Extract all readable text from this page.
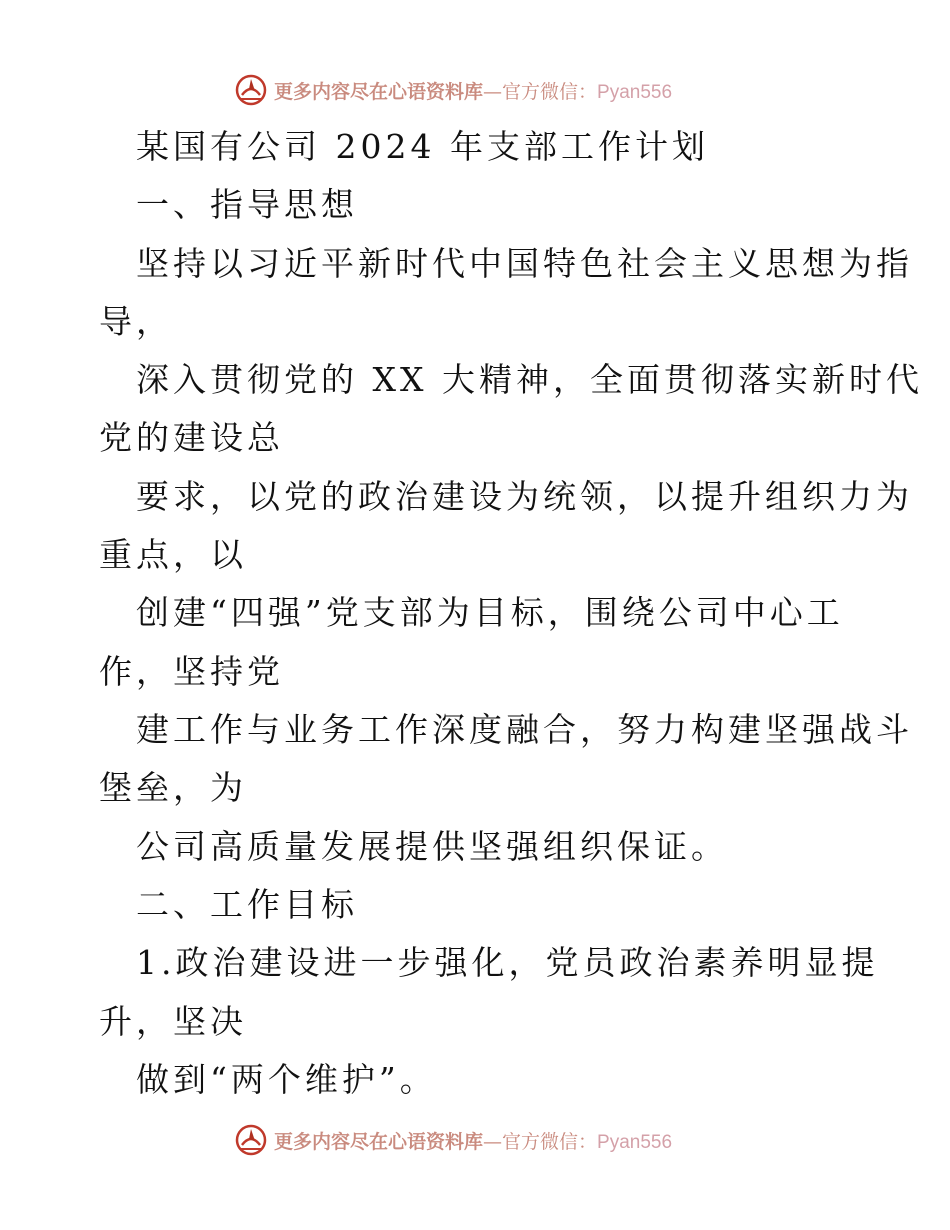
更多内容尽在心语资料库—官方微信：Pyan556
某国有公司 2024 年支部工作计划
一、指导思想
坚持以习近平新时代中国特色社会主义思想为指
导，
深入贯彻党的 XX 大精神，全面贯彻落实新时代
党的建设总
要求，以党的政治建设为统领，以提升组织力为
重点，以
创建“四强”党支部为目标，围绕公司中心工
作，坚持党
建工作与业务工作深度融合，努力构建坚强战斗
堡垒，为
公司高质量发展提供坚强组织保证。
二、工作目标
1.政治建设进一步强化，党员政治素养明显提
升，坚决
做到“两个维护”。
更多内容尽在心语资料库—官方微信：Pyan556
